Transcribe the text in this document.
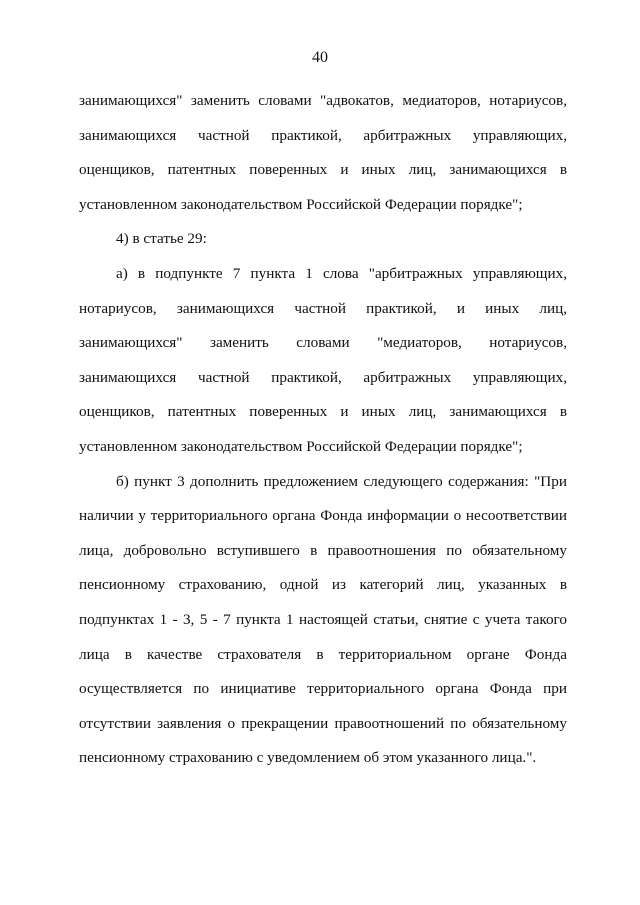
40
занимающихся" заменить словами "адвокатов, медиаторов, нотариусов,
занимающихся частной практикой, арбитражных управляющих,
оценщиков, патентных поверенных и иных лиц, занимающихся в
установленном законодательством Российской Федерации порядке";
4) в статье 29:
а) в подпункте 7 пункта 1 слова "арбитражных управляющих,
нотариусов, занимающихся частной практикой, и иных лиц,
занимающихся" заменить словами "медиаторов, нотариусов,
занимающихся частной практикой, арбитражных управляющих,
оценщиков, патентных поверенных и иных лиц, занимающихся в
установленном законодательством Российской Федерации порядке";
б) пункт 3 дополнить предложением следующего содержания: "При
наличии у территориального органа Фонда информации о несоответствии
лица, добровольно вступившего в правоотношения по обязательному
пенсионному страхованию, одной из категорий лиц, указанных в
подпунктах 1 - 3, 5 - 7 пункта 1 настоящей статьи, снятие с учета такого
лица в качестве страхователя в территориальном органе Фонда
осуществляется по инициативе территориального органа Фонда при
отсутствии заявления о прекращении правоотношений по обязательному
пенсионному страхованию с уведомлением об этом указанного лица.".
